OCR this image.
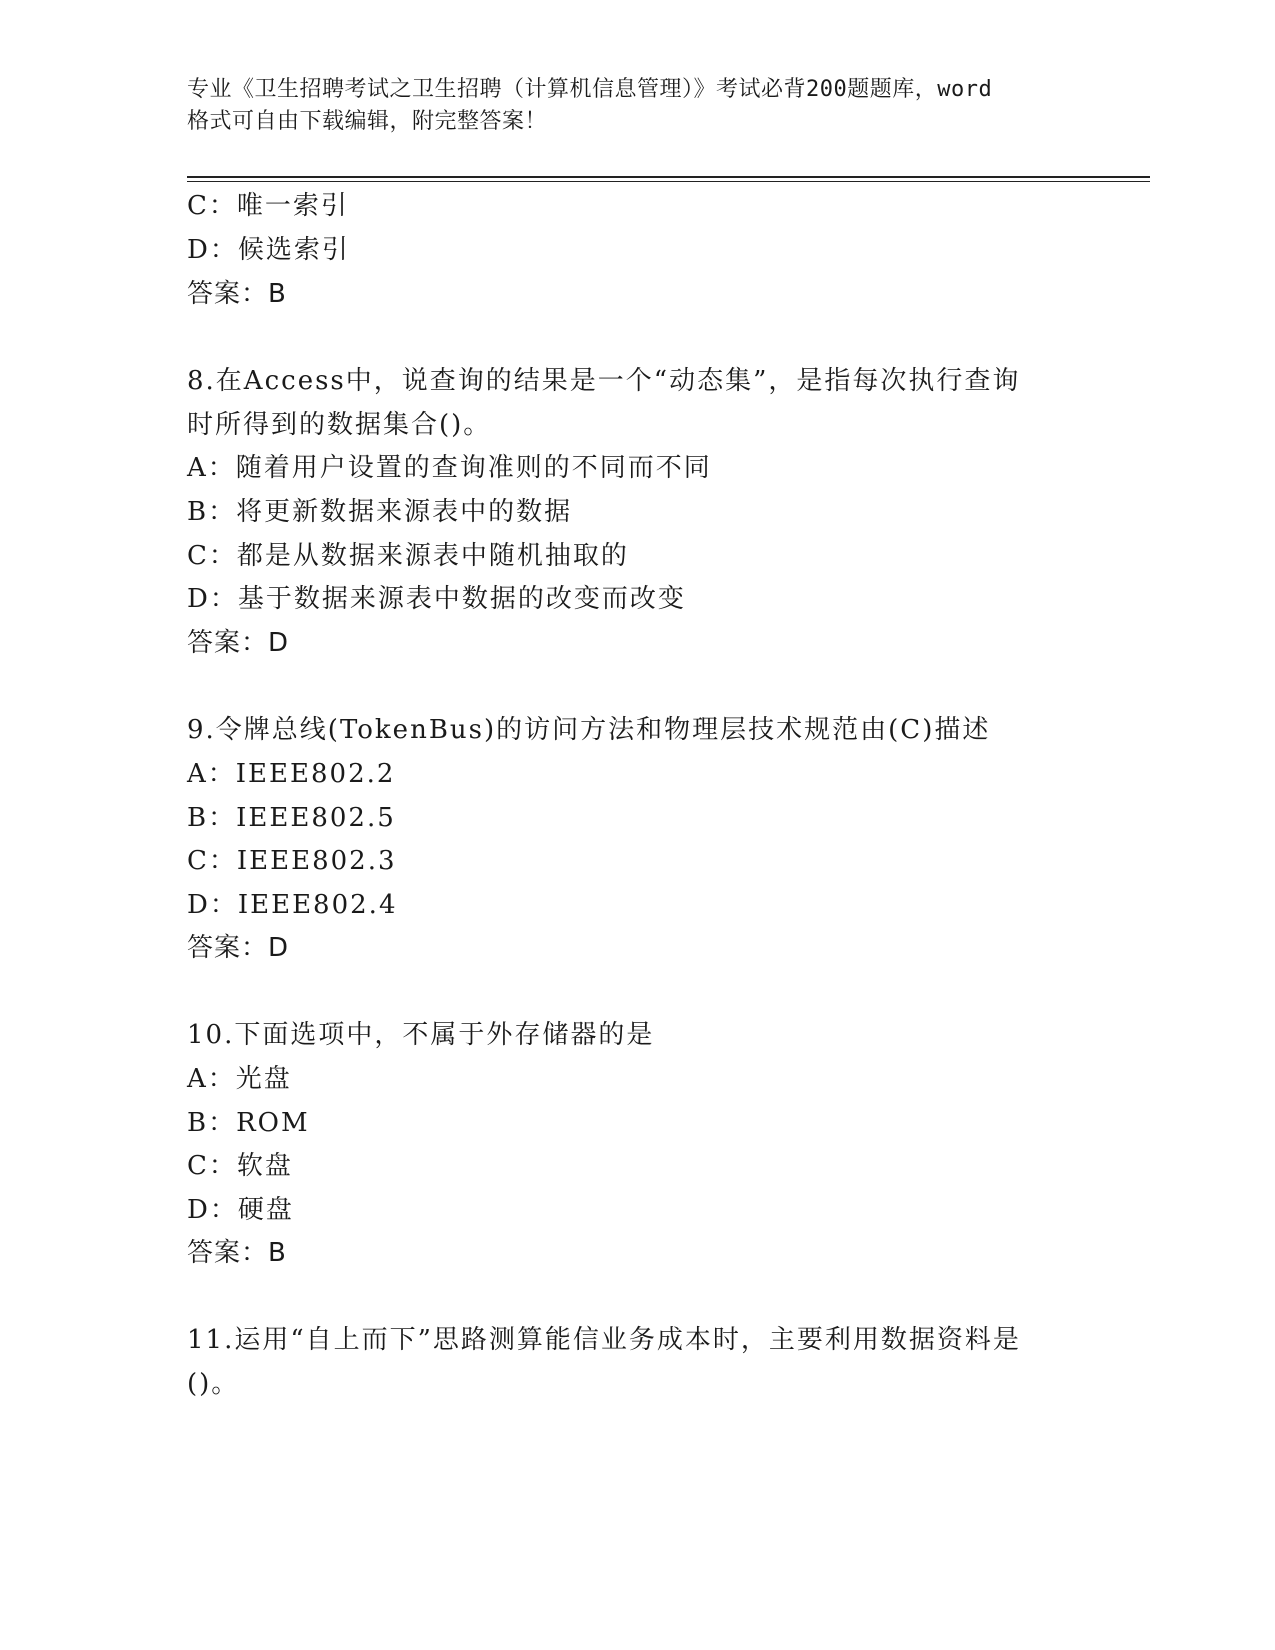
专业《卫生招聘考试之卫生招聘（计算机信息管理）》考试必背200题题库，word
格式可自由下载编辑，附完整答案！
C：唯一索引
D：候选索引
答案：B
8.在Access中，说查询的结果是一个“动态集”，是指每次执行查询
时所得到的数据集合()。
A：随着用户设置的查询准则的不同而不同
B：将更新数据来源表中的数据
C：都是从数据来源表中随机抽取的
D：基于数据来源表中数据的改变而改变
答案：D
9.令牌总线(TokenBus)的访问方法和物理层技术规范由(C)描述
A：IEEE802.2
B：IEEE802.5
C：IEEE802.3
D：IEEE802.4
答案：D
10.下面选项中，不属于外存储器的是
A：光盘
B：ROM
C：软盘
D：硬盘
答案：B
11.运用“自上而下”思路测算能信业务成本时，主要利用数据资料是
()。
